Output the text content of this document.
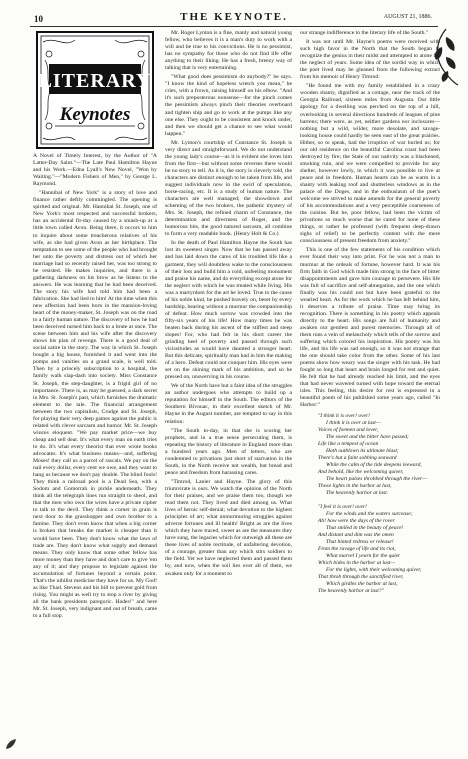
10	THE KEYNOTE.	AUGUST 21, 1886.
LITERARY
Keynotes

A Novel of Timely Interest, by the Author of "A Latter-Day Saint."—The Late Paul Hamilton Hayne and his Work.—Edna Lyall's New Novel, "Won by Waiting."—"Modern Fishers of Men," by George L. Raymond.

"Hannibal of New York" is a story of love and finance rather deftly commingled. The opening is spirited and original. Mr. Hannibal St. Joseph, one of New York's most respected and successful brokers, has an accidental fit-day caused by a smash-up at a little town called Avon. Being there, it occurs to him to inquire about some treacherous relatives of his wife, as she had given Avon as her birthplace. The temptation to see some of the people who had brought her unto the poverty and distress out of which her marriage had so recently raised her, was too strong to be resisted. He makes inquiries, and there is a gathering darkness on his brow as he listens to the answers. He was learning that he had been deceived. The story his wife had told him had been a fabrication. She had lied to him! At the time when this new affection had been born in the mansion-loving heart of the money-maker, St. Joseph was on the road to a fairly human nature. The discovery of how he had been deceived turned him back to a brute at once. The scene between him and his wife after the discovery shows his plan of revenge. There is a good deal of social satire in the story. The way in which St. Joseph bought a big house, furnished it and went into the pomps and vanities on a grand scale, is well told. Then by a princely subscription to a hospital, the family walk slap-dash into society. Miss Constance St. Joseph, the step-daughter, is a frigid girl of no importance. There is, as may be guessed, a dark secret in Mrs. St. Joseph's past, which furnishes the dramatic element to the tale. The financial arrangement between the two capitalists, Crudge and St. Joseph, for playing their very deep games against the public is related with clever sarcasm and humor. Mr. St. Joseph winces eloquent. "We pay market price—we buy cheap and sell dear. It's what every man on earth tries to do. It's what every theorist that ever wrote books advocates. It's what business means—and, suffering Moses! they call us a parcel of rascals. We pay on the nail every dollar, every cent we owe, and they want to hang us because we don't pay double. The blind fools! They think a railroad pool is a Dead Sea, with a Sodom and Gomorrah in pickle underneath. They think all the telegraph lines run straight to sheol, and that the men who own the wires have a private cipher to talk to the devil. They think a corner in grain is next door to the grasshopper and own brother to a famine. They don't even know that when a big corner is broken that breaks the market is cheaper than it would have been. They don't know what the laws of trade are. They don't know what supply and demand means. They only know that some other fellow has more money than they have and don't care to give 'em any of it; and they propose to legislate against the accumulation of fortunes beyond a certain point. That's the nihilist medicine they have for us. My God! as like Thad. Stevens and his bill to prevent gold from rising. You might as well try to stop a river by giving all the bank presidents paregoric. Hades!" and here Mr. St. Joseph, very indignant and out of breath, came to a full stop.

Mr. Roger Lynton is a fine, manly and natural young fellow, who believes it is a man's duty to work with a will and be true to his convictions. He is no pessimist, has no sympathy for those who do not find life offer anything to their liking. He has a fresh, breezy way of talking that is very entertaining.

"What good does pessimism do anybody?" he says. "I know the kind of hopeless wretch you mean," he cries, with a frown, raising himself on his elbow. "And it's such preposterous nonsense—for the pinch comes the pessimists always pinch their theories overboard and tighten ship and go to work at the pumps like any one else. They ought to be consistent and knock under, and then we should get a chance to see what would happen."

Mr. Lynton's courtship of Constance St. Joseph is very direct and straightforward. We do not understand the young lady's course—as it is evident she loves him from the first—but without some reverses there would be no story to tell. As it is, the story is cleverly told, the characters are distinct enough to be taken from life, and suggest individuals now in the swirl of speculation, horse-racing, etc. It is a study of human nature. The characters are well managed; the showdown and scheming of the two brokers, the pathetic mystery of Mrs. St. Joseph, the refined charm of Constance, the determination and directness of Roger, and the humorous bits, the good natured sarcasm, all combine to form a very readable book. (Henry Holt & Co.)

In the death of Paul Hamilton Hayne the South has lost its sweetest singer. Now that he has passed away and has laid down the cares of his troubled life like a garment, they will doubtless wake to the consciousness of their loss and build him a cold, unfeeling monument and praise his name, and do everything except atone for the neglect with which he was treated while living. His was a martyrdom for the art he loved. True to the cause of his noble kind, he pushed bravely on, beset by every hardship, bearing without a murmur the companionship of defeat. How much sorrow was crowded into the fifty-six years of his life! How many times he was beaten back during his ascent of the stiffest and steep slopes! For, who had felt in his short career the grinding heel of poverty and passed through such vicissitudes as would have daunted a stronger heart. But this delicate, spiritually man had in him the making of a hero. Defeat could not conquer him. His eyes were set on the shining mark of his ambition, and so he pressed on, unswerving in his course.

We of the North have but a faint idea of the struggles an author undergoes who attempts to build up a reputation for himself in the South. The editors of the Southern Bivouac, in their excellent sketch of Mr. Hayne in the August number, are tempted to say in this relation:

"The South to-day, in that she is scoring her prophets, and in a true sense persecuting them, is repeating the history of literature in England more than a hundred years ago. Men of letters, who are condemned to privations just short of starvation in the South, in the North receive not wealth, but bread and peace and freedom from harassing cares.

"Timrod, Lanier and Hayne. The glory of this triumvirate is ours. We watch the opinion of the North for their praises, and we praise them too, though we read them not. They lived and died among us. What lives of heroic self-denial; what devotion to the highest principles of art; what unmurmuring struggles against adverse fortunes and ill health! Bright as are the lives which they have traced, sweet as are the measures they have sung, the legacies which for outweigh all these are these lives of noble rectitude, of unfaltering devotion, of a courage, greater than any which stirs soldiers to the field. Yet we have neglected them and passed them by, and now, when the soil lies over all of them, we awaken only for a moment to

our strange indifference to the literary life of the South."

It was not until Mr. Hayne's poems were received with such high favor in the North that the South began to recognize the genius in their midst and attempted to atone for the neglect of years. Some idea of the sordid way in which the poet lived may be gleaned from the following extract from his memoir of Henry Timrod:

"He found me with my family established in a crazy wooden shanty, dignified as a cottage, near the track of the Georgia Railroad, sixteen miles from Augusta. Our little apology for a dwelling was perched on the top of a hill, overlooking in several directions hundreds of leagues of pine barrens; there were, as yet, neither gardens nor inclosures—nothing but a wild, wilder, more desolate, and savage-looking house could hardly be seen east of the great prairies. Hither, so to speak, had the irruption of war hurled us; for our old residence on the beautiful Carolina coast had been destroyed by fire; the State of our nativity was a blackened, smoking ruin, and we were compelled to provide for any shelter, however lowly, in which it was possible to live at peace and in freedom. Human hearts can be as warm in a shanty with leaking roof and shutterless windows as in the palace of the Doges, and in the enthusiasm of the poet's welcome we strived to make amends for the general poverty of his accommodations and a very perceptible coarseness of the cuisine. But he, poor fellow, had been the victim of privations so much worse that he cared for none of these things, or rather he professed (with frequent deep-drawn sighs of relief) to be perfectly content with the mere consciousness of present freedom from anxiety."

This is one of the few statements of his condition which ever found their way into print. For he was not a man to murmur at the ordeals of fortune, however hard. It was his firm faith in God which made him strong in the face of bitter disappointments and gave him courage to persevere. His life was full of sacrifice and self-abnegation, and the one which finally was his could not but have been grateful to the wearied heart. As for the work which he has left behind him, it deserves a tribute of praise. Time may bring its recognition. There is something in his poetry which appeals directly to the heart. His songs are full of humanity and awaken our gentlest and purest memories. Through all of them runs a vein of melancholy which tells of the sorrow and suffering which colored his inspiration. His poetry was his life, and his life was sad enough, so it was not strange that the one should take color from the other. Some of his last poems show how weary was the singer with his task. He had fought so long that heart and brain longed for rest and quiet. He felt that he had already reached his limit, and the eyes that had never wavered turned with hope toward the eternal isles. This feeling, this desire for rest is expressed in a beautiful poem of his published some years ago, called "In Harbor:"

"I think it is over! over!
I think it is over at last—
Voices of foemen and lover,
The sweet and the bitter have passed;
Life like a tempest of ocean
Hath outblown its ultimate blast;
There's but a faint sobbing seaward
While the calm of the tide deepens leeward,
And behold, like the welcoming quiver,
The heart pulses throbbed through the river—
Those lights in the harbor at last,
The heavenly harbor at last.

"I feel it is over! over!
For the winds and the waters surcease;
Ah! how were the days of the rover
That smiled in the beauty of peace!
And distant and dim was the omen
That hinted redress or release!
From the ravage of life and its riot,
What marvel I yearn for the quiet
Which bides in the harbor at last—
For the lights, with their welcoming quiver,
That throb through the sanctified river,
Which girdles the harbor at last,
The heavenly harbor at last?"
